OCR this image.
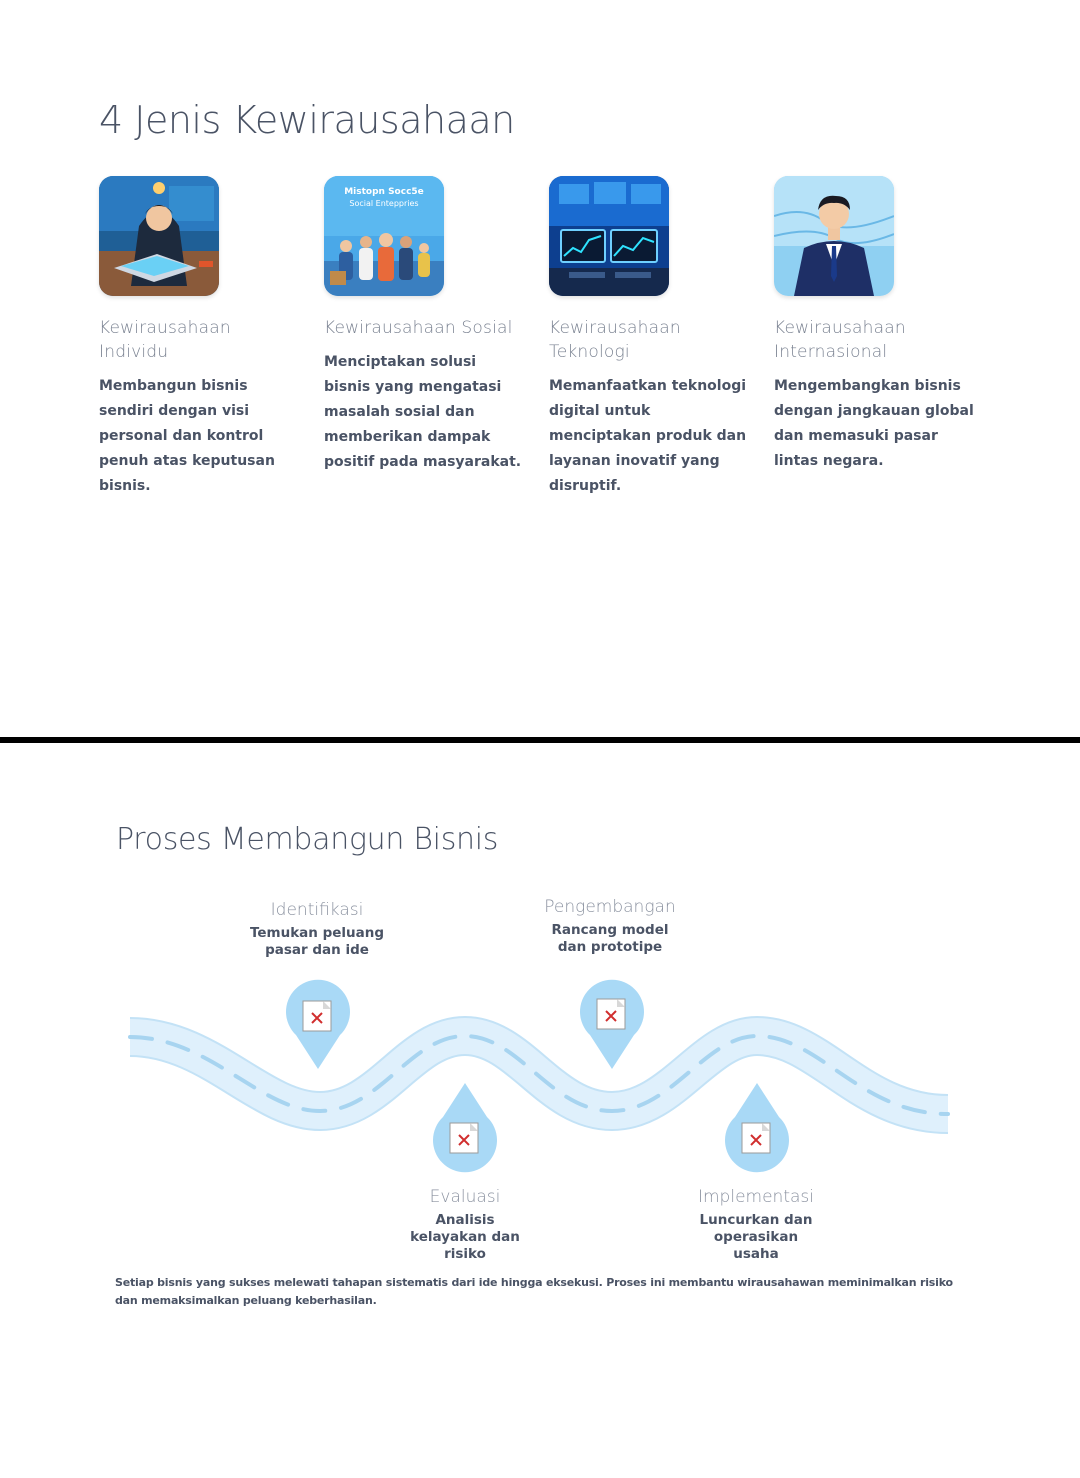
4 Jenis Kewirausahaan
Kewirausahaan Individu
Membangun bisnis sendiri dengan visi personal dan kontrol penuh atas keputusan bisnis.
Mistopn Socc5e
Social Enteppries
Kewirausahaan Sosial
Menciptakan solusi bisnis yang mengatasi masalah sosial dan memberikan dampak positif pada masyarakat.
Kewirausahaan Teknologi
Memanfaatkan teknologi digital untuk menciptakan produk dan layanan inovatif yang disruptif.
Kewirausahaan Internasional
Mengembangkan bisnis dengan jangkauan global dan memasuki pasar lintas negara.
Proses Membangun Bisnis
Identifikasi
Temukan peluang pasar dan ide
Evaluasi
Analisis kelayakan dan risiko
Pengembangan
Rancang model dan prototipe
Implementasi
Luncurkan dan operasikan usaha
Setiap bisnis yang sukses melewati tahapan sistematis dari ide hingga eksekusi. Proses ini membantu wirausahawan meminimalkan risiko dan memaksimalkan peluang keberhasilan.
